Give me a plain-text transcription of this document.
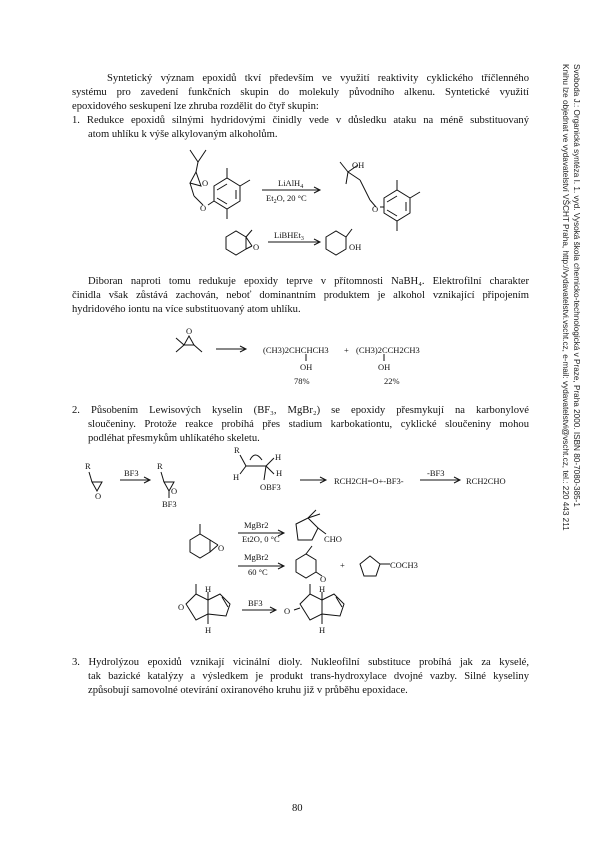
Syntetický význam epoxidů tkví především ve využití reaktivity cyklického tříčlenného
systému pro zavedení funkčních skupin do molekuly původního alkenu. Syntetické využití
epoxidového seskupení lze zhruba rozdělit do čtyř skupin:
1. Redukce epoxidů silnými hydridovými činidly vede v důsledku ataku na méně substituovaný
atom uhlíku k výše alkylovaným alkoholům.
O
O	O
OH
LiAlH$_4$
$Et_2O$, 20 °C
O	OH
LiBHEt$_3$
Diboran naproti tomu redukuje epoxidy teprve v přítomnosti NaBH₄. Elektrofilní charakter
činidla však zůstává zachován, neboť dominantním produktem je alkohol vznikající připojením
hydridového iontu na více substituovaný atom uhlíku.
O
(CH3)2CHCHCH3 + (CH3)2CCH2CH3
OH	OH
78%	22%
2. Působením Lewisových kyselin (BF₃, MgBr₂) se epoxidy přesmykují na karbonylové
sloučeniny. Protože reakce probíhá přes stadium karbokationtu, cyklické sloučeniny mohou
podléhat přesmykům uhlíkatého skeletu.
R
O
BF3
R
O
BF3
R
H
H
H
OBF3
RCH2CH=O+-BF3-
-BF3
RCH2CHO
O
MgBr2
Et2O, 0 °C	CHO
MgBr2
60 °C
O
+	COCH3
O
H
H
BF3
O
H
H
3. Hydrolýzou epoxidů vznikají vicinální dioly. Nukleofilní substituce probíhá jak za kyselé,
tak bazické katalýzy a výsledkem je produkt trans-hydroxylace dvojné vazby. Silné kyseliny
způsobují samovolné otevírání oxiranového kruhu již v průběhu epoxidace.
80
Svoboda J.: Organická syntéza I. 1. vyd. Vysoká škola chemicko-technologická v Praze, Praha 2000. ISBN 80-7080-385-1
Knihu lze objednat ve vydavatelství VŠCHT Praha, http://vydavatelstvi.vscht.cz, e-mail: vydavatelstvi@vscht.cz, tel.: 220 443 211
